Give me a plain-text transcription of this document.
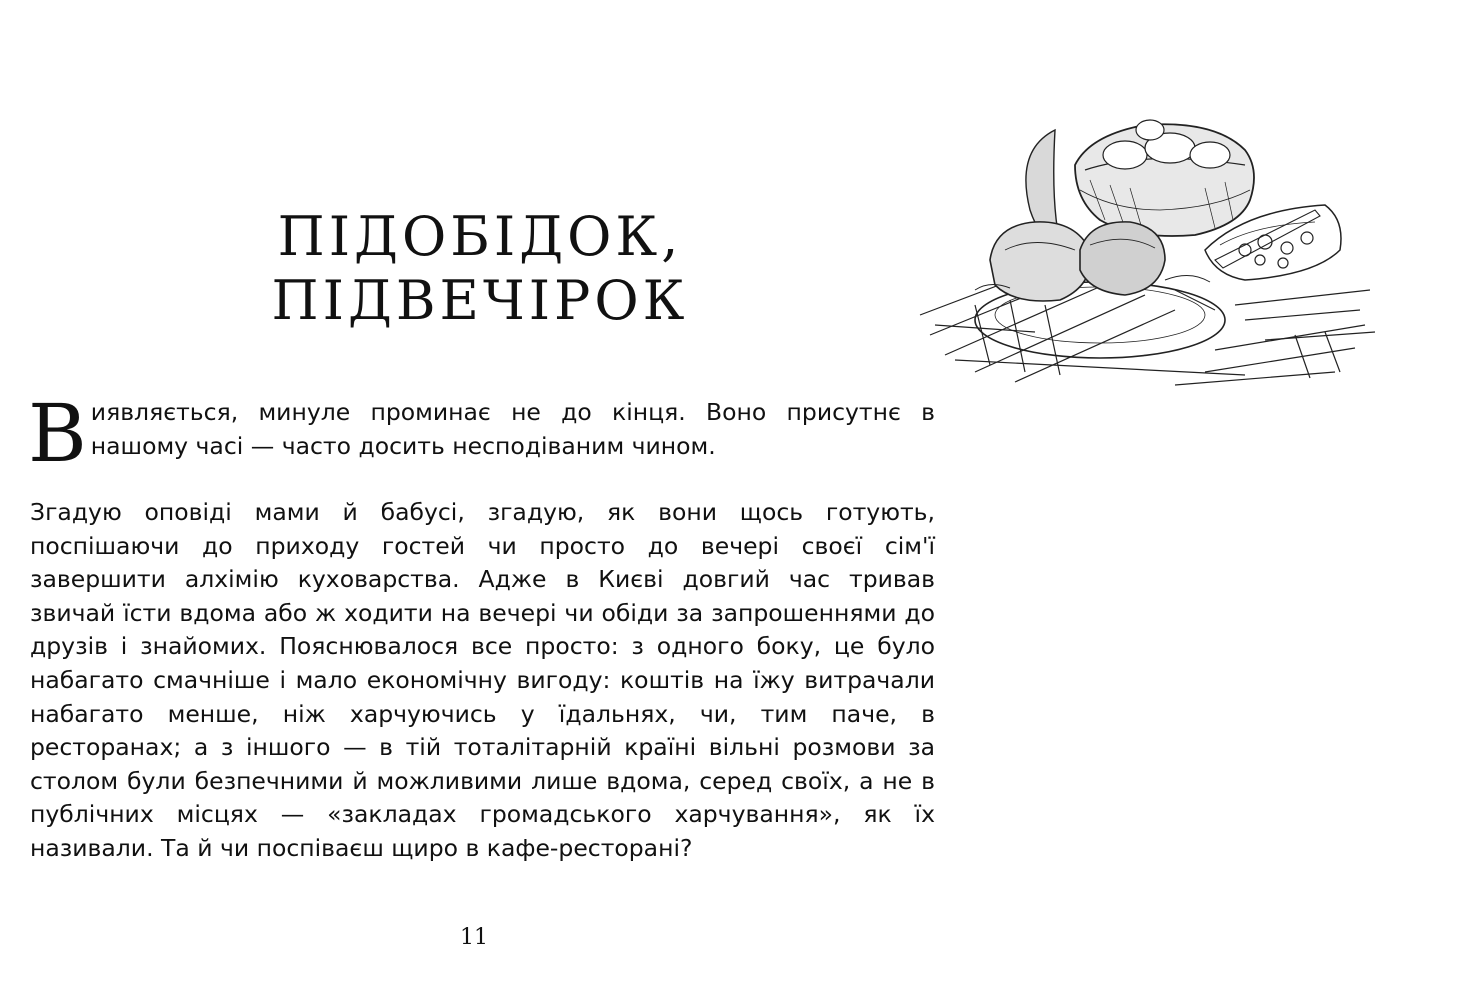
ПІДОБІДОК,
ПІДВЕЧІРОК

Виявляється, минуле проминає не до кінця. Воно присутнє в нашому часі — часто досить несподіваним чином.

Згадую оповіді мами й бабусі, згадую, як вони щось готують, поспішаючи до приходу гостей чи просто до вечері своєї сім'ї завершити алхімію куховарства. Адже в Києві довгий час тривав звичай їсти вдома або ж ходити на вечері чи обіди за запрошеннями до друзів і знайомих. Пояснювалося все просто: з одного боку, це було набагато смачніше і мало економічну вигоду: коштів на їжу витрачали набагато менше, ніж харчуючись у їдальнях, чи, тим паче, в ресторанах; а з іншого — в тій тоталітарній країні вільні розмови за столом були безпечними й можливими лише вдома, серед своїх, а не в публічних місцях — «закладах громадського харчування», як їх називали. Та й чи поспіваєш щиро в кафе-ресторані?

11
